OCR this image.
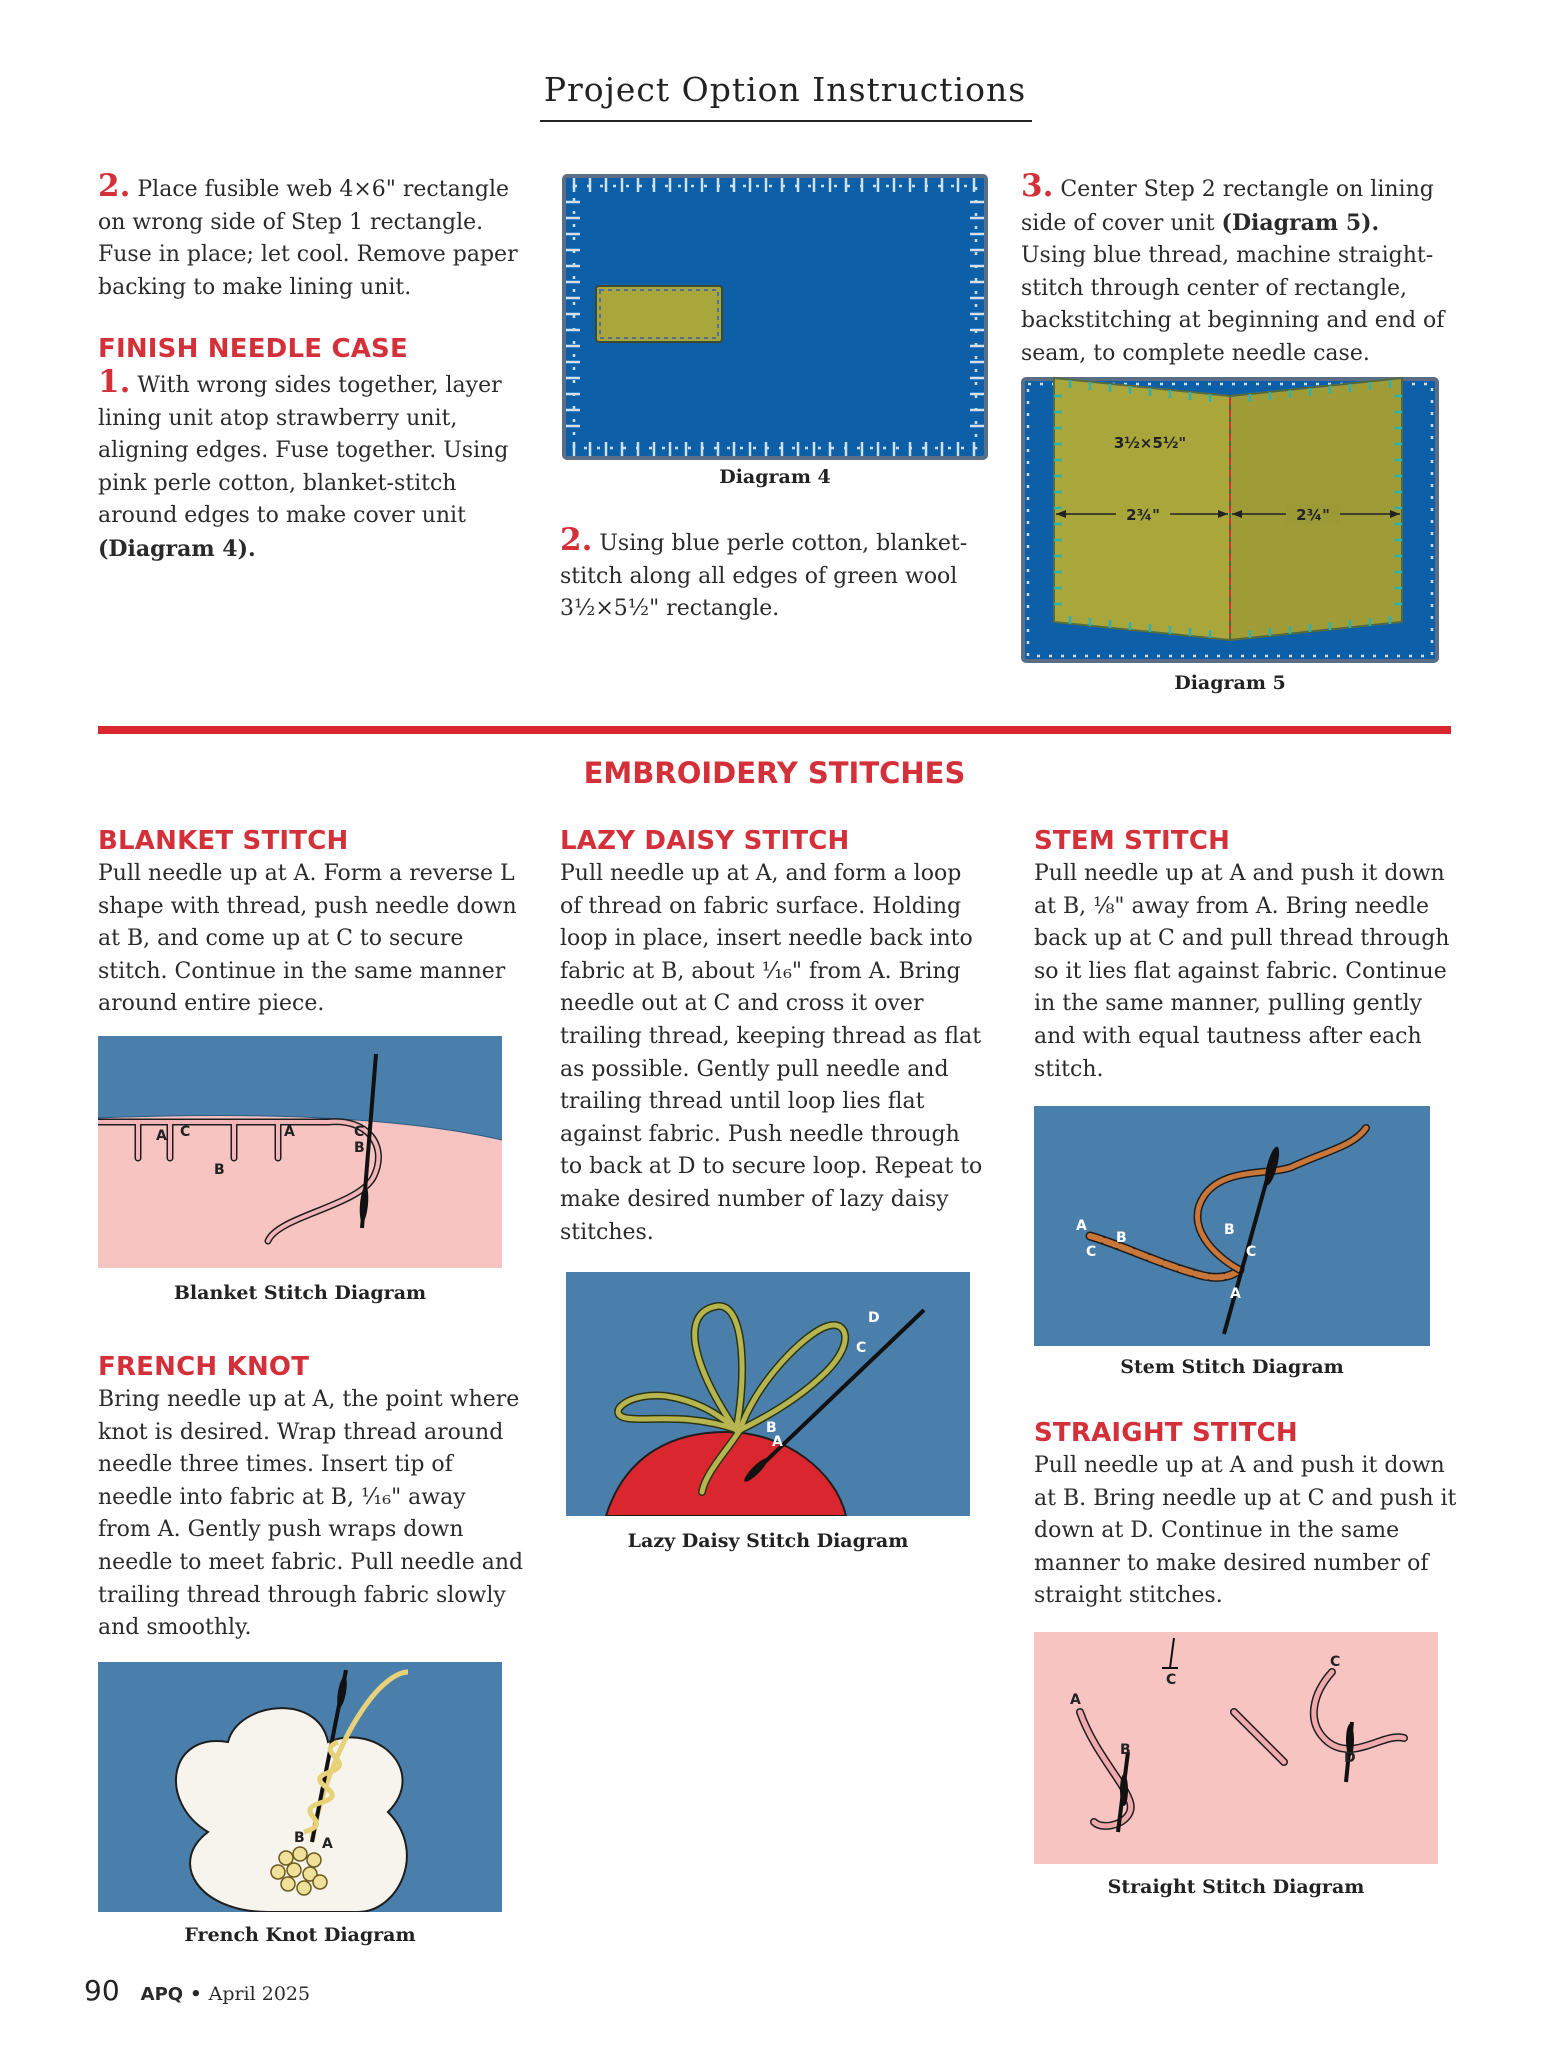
Project Option Instructions
2. Place fusible web 4×6" rectangle on wrong side of Step 1 rectangle. Fuse in place; let cool. Remove paper backing to make lining unit.
FINISH NEEDLE CASE
1. With wrong sides together, layer lining unit atop strawberry unit, aligning edges. Fuse together. Using pink perle cotton, blanket-stitch around edges to make cover unit (Diagram 4).
Diagram 4
2. Using blue perle cotton, blanket-stitch along all edges of green wool 3½×5½" rectangle.
3. Center Step 2 rectangle on lining side of cover unit (Diagram 5). Using blue thread, machine straight-stitch through center of rectangle, backstitching at beginning and end of seam, to complete needle case.
2¾"	2¾"
3½×5½"
Diagram 5
EMBROIDERY STITCHES
BLANKET STITCH
Pull needle up at A. Form a reverse L shape with thread, push needle down at B, and come up at C to secure stitch. Continue in the same manner around entire piece.
A C
B
A	C
B
Blanket Stitch Diagram
FRENCH KNOT
Bring needle up at A, the point where knot is desired. Wrap thread around needle three times. Insert tip of needle into fabric at B, ⅟₁₆" away from A. Gently push wraps down needle to meet fabric. Pull needle and trailing thread through fabric slowly and smoothly.
B A
French Knot Diagram
LAZY DAISY STITCH
Pull needle up at A, and form a loop of thread on fabric surface. Holding loop in place, insert needle back into fabric at B, about ⅟₁₆" from A. Bring needle out at C and cross it over trailing thread, keeping thread as flat as possible. Gently pull needle and trailing thread until loop lies flat against fabric. Push needle through to back at D to secure loop. Repeat to make desired number of lazy daisy stitches.
B
A
C
D
Lazy Daisy Stitch Diagram
STEM STITCH
Pull needle up at A and push it down at B, ⅛" away from A. Bring needle back up at C and pull thread through so it lies flat against fabric. Continue in the same manner, pulling gently and with equal tautness after each stitch.
A
B
C
A
B
C
Stem Stitch Diagram
STRAIGHT STITCH
Pull needle up at A and push it down at B. Bring needle up at C and push it down at D. Continue in the same manner to make desired number of straight stitches.
A
B
C
C
D
Straight Stitch Diagram
90 APQ • April 2025
